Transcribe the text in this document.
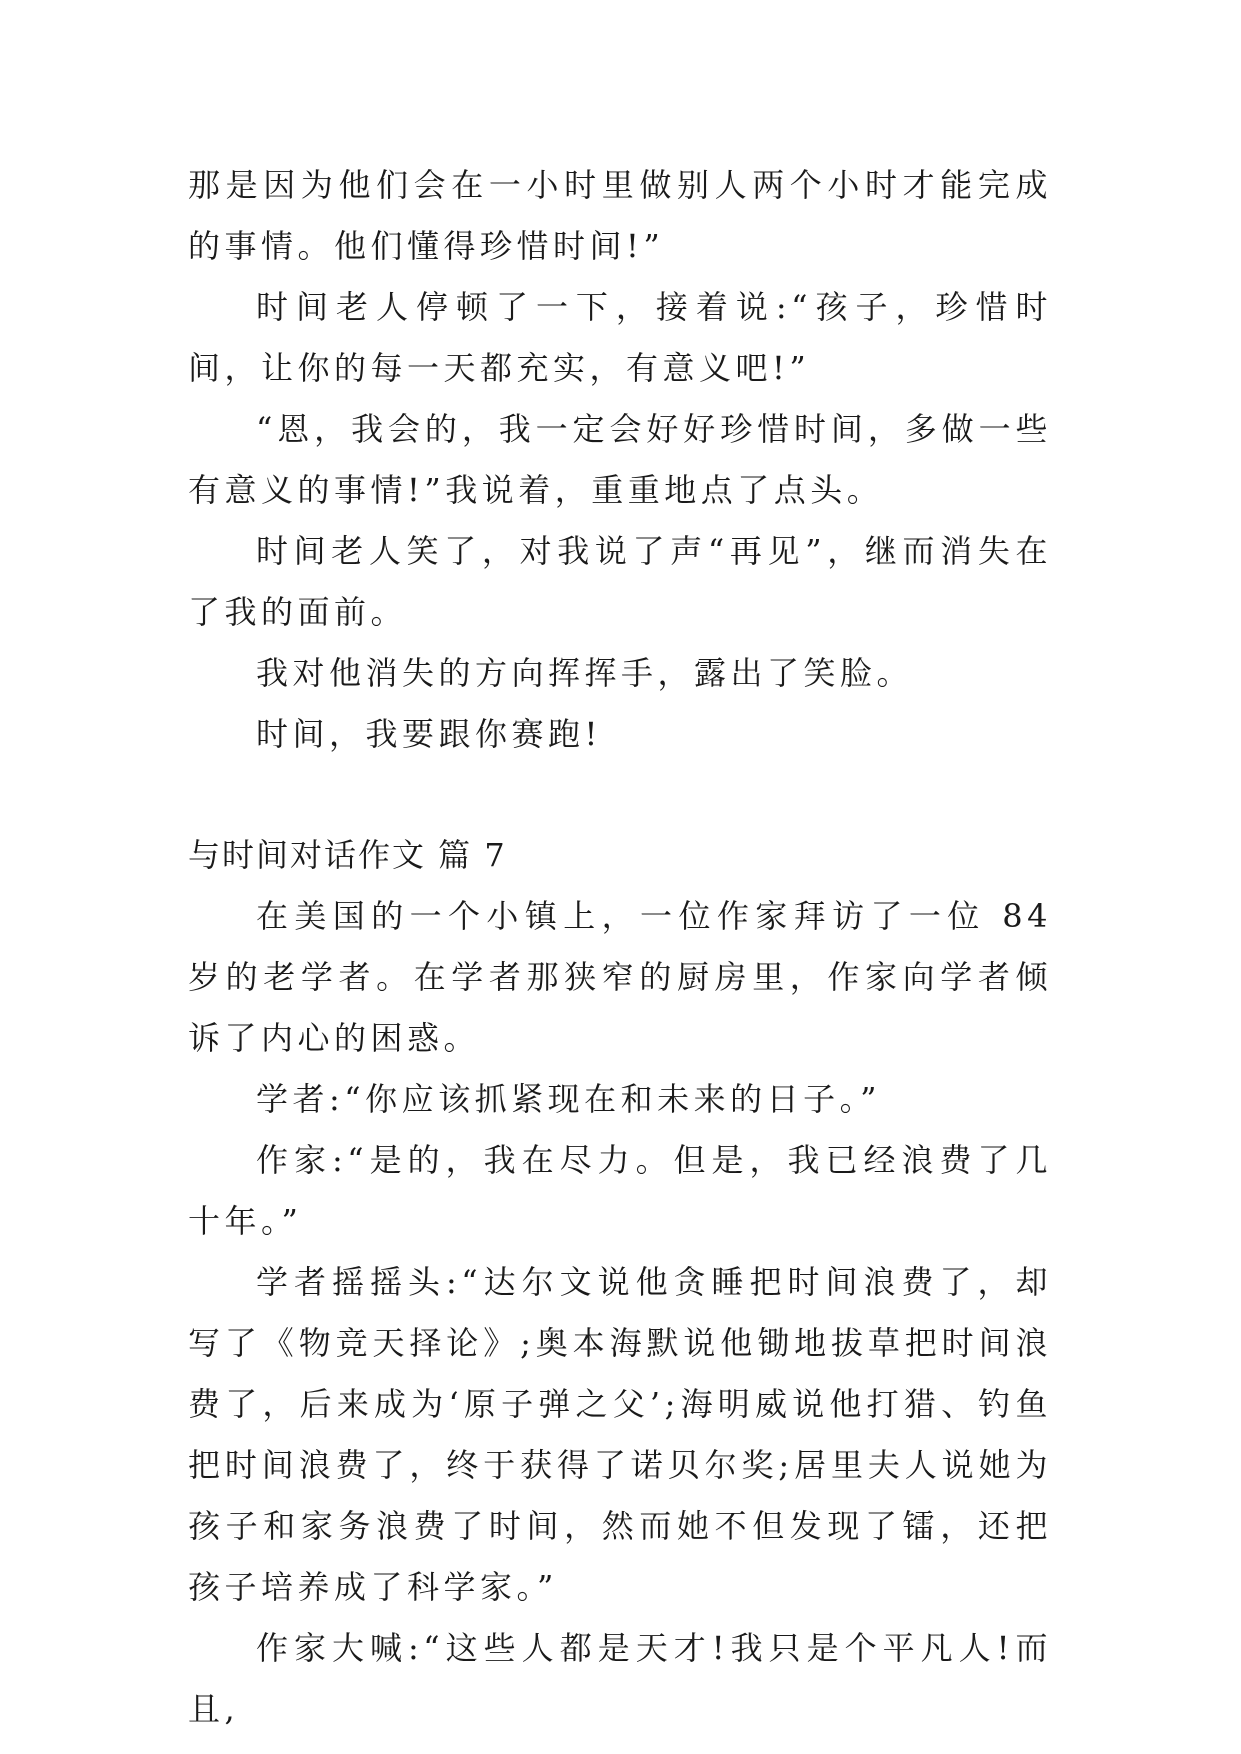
那是因为他们会在一小时里做别人两个小时才能完成的事情。他们懂得珍惜时间!”

时间老人停顿了一下，接着说:“孩子，珍惜时间，让你的每一天都充实，有意义吧!”

“恩，我会的，我一定会好好珍惜时间，多做一些有意义的事情!”我说着，重重地点了点头。

时间老人笑了，对我说了声“再见”，继而消失在了我的面前。

我对他消失的方向挥挥手，露出了笑脸。

时间，我要跟你赛跑!

与时间对话作文 篇 7

在美国的一个小镇上，一位作家拜访了一位 84 岁的老学者。在学者那狭窄的厨房里，作家向学者倾诉了内心的困惑。

学者:“你应该抓紧现在和未来的日子。”

作家:“是的，我在尽力。但是，我已经浪费了几十年。”

学者摇摇头:“达尔文说他贪睡把时间浪费了，却写了《物竞天择论》;奥本海默说他锄地拔草把时间浪费了，后来成为‘原子弹之父’;海明威说他打猎、钓鱼把时间浪费了，终于获得了诺贝尔奖;居里夫人说她为孩子和家务浪费了时间，然而她不但发现了镭，还把孩子培养成了科学家。”

作家大喊:“这些人都是天才!我只是个平凡人!而且,
